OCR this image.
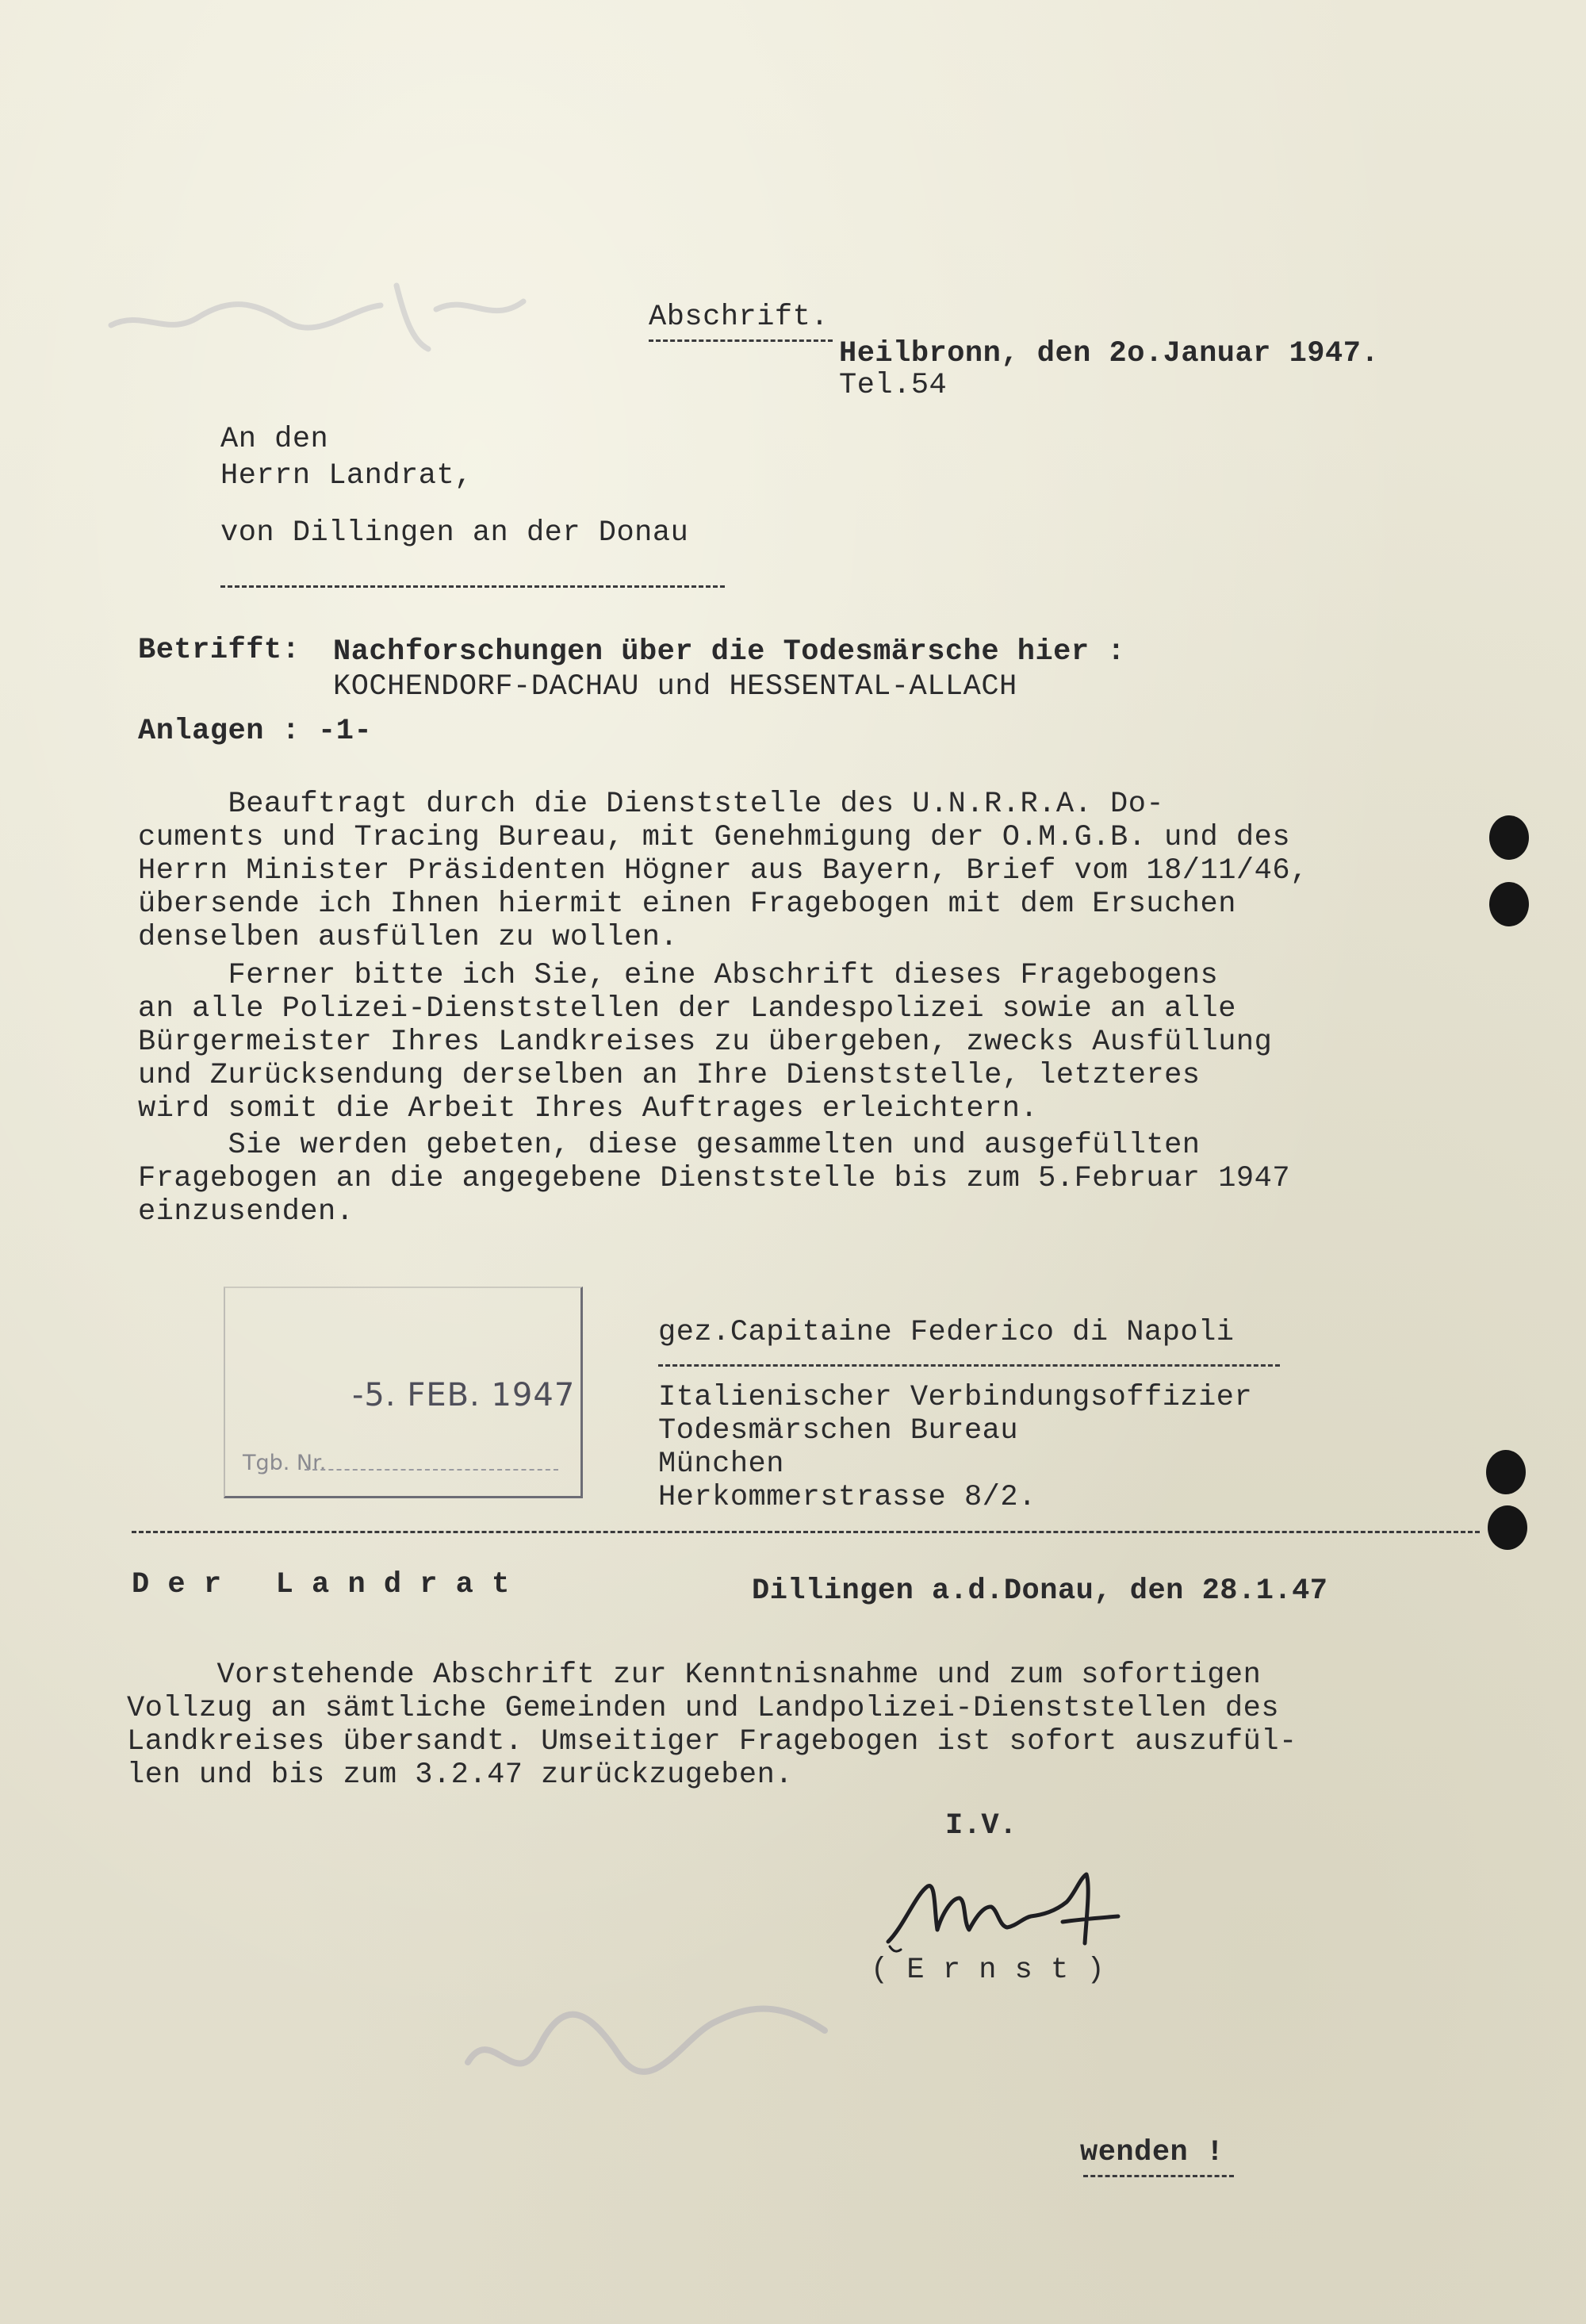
Abschrift.
Heilbronn, den 2o.Januar 1947.
Tel.54
An den
Herrn Landrat,
von Dillingen an der Donau
Betrifft: Nachforschungen über die Todesmärsche hier :
KOCHENDORF-DACHAU und HESSENTAL-ALLACH
Anlagen : -1-
Beauftragt durch die Dienststelle des U.N.R.R.A. Do-
cuments und Tracing Bureau, mit Genehmigung der O.M.G.B. und des
Herrn Minister Präsidenten Högner aus Bayern, Brief vom 18/11/46,
übersende ich Ihnen hiermit einen Fragebogen mit dem Ersuchen
denselben ausfüllen zu wollen.
Ferner bitte ich Sie, eine Abschrift dieses Fragebogens
an alle Polizei-Dienststellen der Landespolizei sowie an alle
Bürgermeister Ihres Landkreises zu übergeben, zwecks Ausfüllung
und Zurücksendung derselben an Ihre Dienststelle, letzteres
wird somit die Arbeit Ihres Auftrages erleichtern.
Sie werden gebeten, diese gesammelten und ausgefüllten
Fragebogen an die angegebene Dienststelle bis zum 5.Februar 1947
einzusenden.
-5. FEB. 1947
Tgb. Nr.
gez.Capitaine Federico di Napoli
Italienischer Verbindungsoffizier
Todesmärschen Bureau
München
Herkommerstrasse 8/2.
D e r   L a n d r a t	Dillingen a.d.Donau, den 28.1.47
Vorstehende Abschrift zur Kenntnisnahme und zum sofortigen
Vollzug an sämtliche Gemeinden und Landpolizei-Dienststellen des
Landkreises übersandt. Umseitiger Fragebogen ist sofort auszufül-
len und bis zum 3.2.47 zurückzugeben.
I.V.
( E r n s t )
wenden !
